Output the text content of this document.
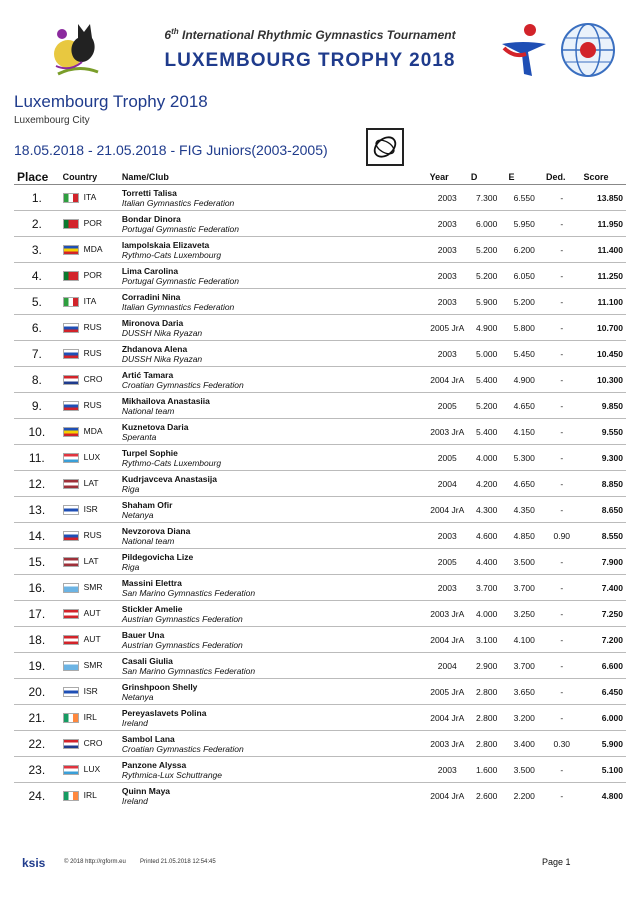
6th International Rhythmic Gymnastics Tournament
LUXEMBOURG TROPHY 2018
Luxembourg Trophy 2018
Luxembourg City
18.05.2018 - 21.05.2018 - FIG Juniors(2003-2005)
Place	Country	Name/Club	Year	D	E	Ded.	Score
1.	ITA	Torretti Talisa
Italian Gymnastics Federation	2003	7.300	6.550	-	13.850
2.	POR	Bondar Dinora
Portugal Gymnastic Federation	2003	6.000	5.950	-	11.950
3.	MDA	Iampolskaia Elizaveta
Rythmo-Cats Luxembourg	2003	5.200	6.200	-	11.400
4.	POR	Lima Carolina
Portugal Gymnastic Federation	2003	5.200	6.050	-	11.250
5.	ITA	Corradini Nina
Italian Gymnastics Federation	2003	5.900	5.200	-	11.100
6.	RUS	Mironova Daria
DUSSH Nika Ryazan	2005 JrA	4.900	5.800	-	10.700
7.	RUS	Zhdanova Alena
DUSSH Nika Ryazan	2003	5.000	5.450	-	10.450
8.	CRO	Artić Tamara
Croatian Gymnastics Federation	2004 JrA	5.400	4.900	-	10.300
9.	RUS	Mikhailova Anastasiia
National team	2005	5.200	4.650	-	9.850
10.	MDA	Kuznetova Daria
Speranta	2003 JrA	5.400	4.150	-	9.550
11.	LUX	Turpel Sophie
Rythmo-Cats Luxembourg	2005	4.000	5.300	-	9.300
12.	LAT	Kudrjavceva Anastasija
Riga	2004	4.200	4.650	-	8.850
13.	ISR	Shaham Ofir
Netanya	2004 JrA	4.300	4.350	-	8.650
14.	RUS	Nevzorova Diana
National team	2003	4.600	4.850	0.90	8.550
15.	LAT	Pildegovicha Lize
Riga	2005	4.400	3.500	-	7.900
16.	SMR	Massini Elettra
San Marino Gymnastics Federation	2003	3.700	3.700	-	7.400
17.	AUT	Stickler Amelie
Austrian Gymnastics Federation	2003 JrA	4.000	3.250	-	7.250
18.	AUT	Bauer Una
Austrian Gymnastics Federation	2004 JrA	3.100	4.100	-	7.200
19.	SMR	Casali Giulia
San Marino Gymnastics Federation	2004	2.900	3.700	-	6.600
20.	ISR	Grinshpoon Shelly
Netanya	2005 JrA	2.800	3.650	-	6.450
21.	IRL	Pereyaslavets Polina
Ireland	2004 JrA	2.800	3.200	-	6.000
22.	CRO	Sambol Lana
Croatian Gymnastics Federation	2003 JrA	2.800	3.400	0.30	5.900
23.	LUX	Panzone Alyssa
Rythmica-Lux Schuttrange	2003	1.600	3.500	-	5.100
24.	IRL	Quinn Maya
Ireland	2004 JrA	2.600	2.200	-	4.800
ksis	© 2018 http://rgform.eu Printed 21.05.2018 12:54:45	Page 1
